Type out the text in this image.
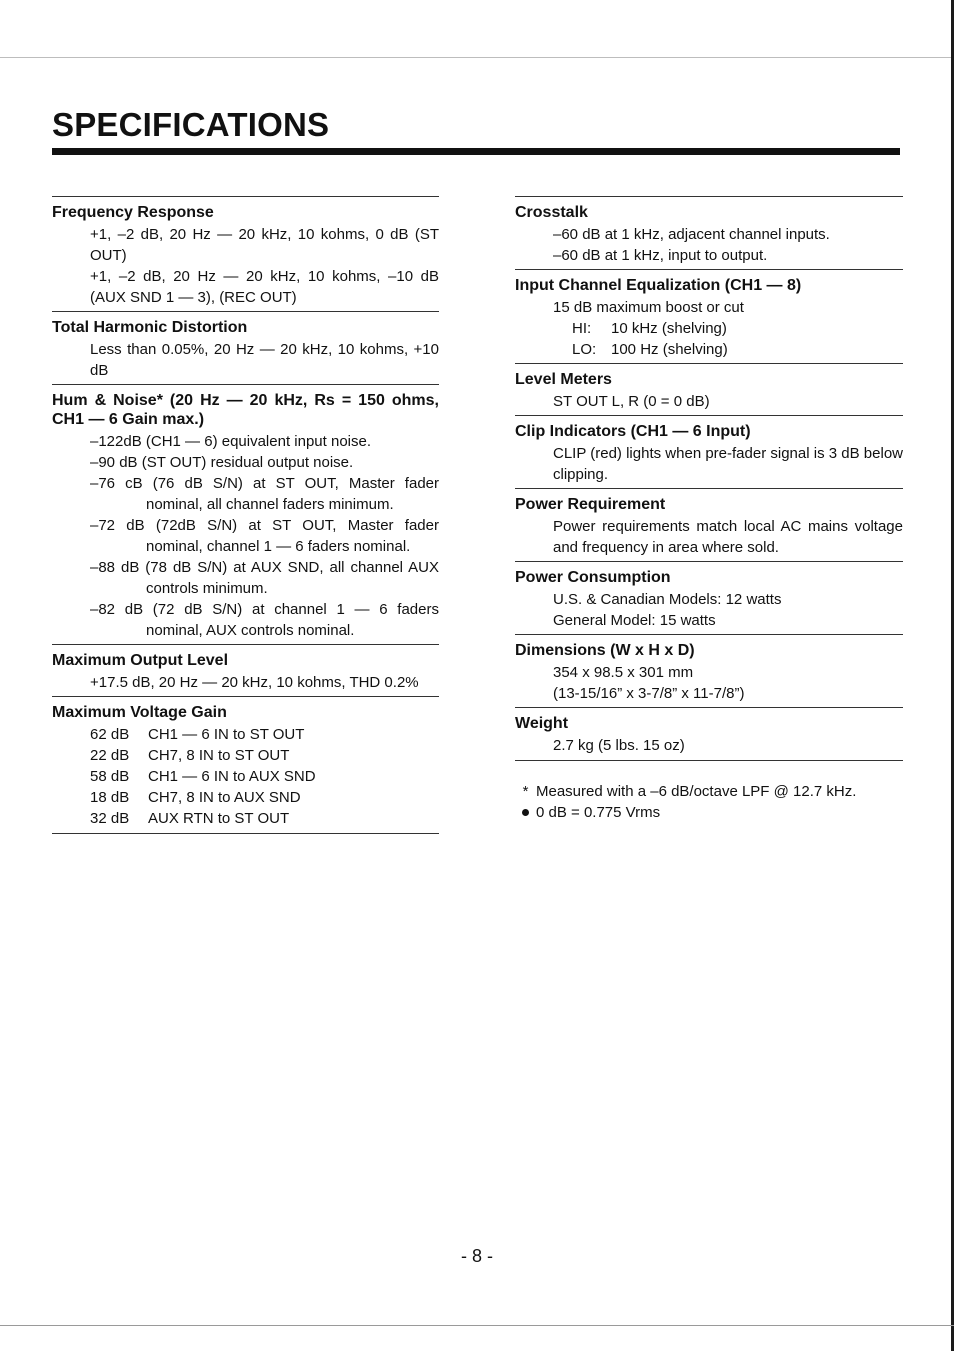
SPECIFICATIONS

Frequency Response

+1, –2 dB, 20 Hz — 20 kHz, 10 kohms, 0 dB (ST OUT)

+1, –2 dB, 20 Hz — 20 kHz, 10 kohms, –10 dB (AUX SND 1 — 3), (REC OUT)

Total Harmonic Distortion

Less than 0.05%, 20 Hz — 20 kHz, 10 kohms, +10 dB

Hum & Noise* (20 Hz — 20 kHz, Rs = 150 ohms, CH1 — 6 Gain max.)

–122dB (CH1 — 6) equivalent input noise.

–90 dB (ST OUT) residual output noise.

–76 cB (76 dB S/N) at ST OUT, Master fader nominal, all channel faders minimum.

–72 dB (72dB S/N) at ST OUT, Master fader nominal, channel 1 — 6 faders nominal.

–88 dB (78 dB S/N) at AUX SND, all channel AUX controls minimum.

–82 dB (72 dB S/N) at channel 1 — 6 faders nominal, AUX controls nominal.

Maximum Output Level

+17.5 dB, 20 Hz — 20 kHz, 10 kohms, THD 0.2%

Maximum Voltage Gain

62 dB	CH1 — 6 IN to ST OUT
22 dB	CH7, 8 IN to ST OUT
58 dB	CH1 — 6 IN to AUX SND
18 dB	CH7, 8 IN to AUX SND
32 dB	AUX RTN to ST OUT

Crosstalk

–60 dB at 1 kHz, adjacent channel inputs.

–60 dB at 1 kHz, input to output.

Input Channel Equalization (CH1 — 8)

15 dB maximum boost or cut

HI:	10 kHz (shelving)
LO: 100 Hz (shelving)

Level Meters

ST OUT L, R (0 = 0 dB)

Clip Indicators (CH1 — 6 Input)

CLIP (red) lights when pre-fader signal is 3 dB below clipping.

Power Requirement

Power requirements match local AC mains voltage and frequency in area where sold.

Power Consumption

U.S. & Canadian Models: 12 watts

General Model: 15 watts

Dimensions (W x H x D)

354 x 98.5 x 301 mm

(13-15/16” x 3-7/8” x 11-7/8”)

Weight

2.7 kg (5 lbs. 15 oz)

* Measured with a –6 dB/octave LPF @ 12.7 kHz.
0 dB = 0.775 Vrms
- 8 -
